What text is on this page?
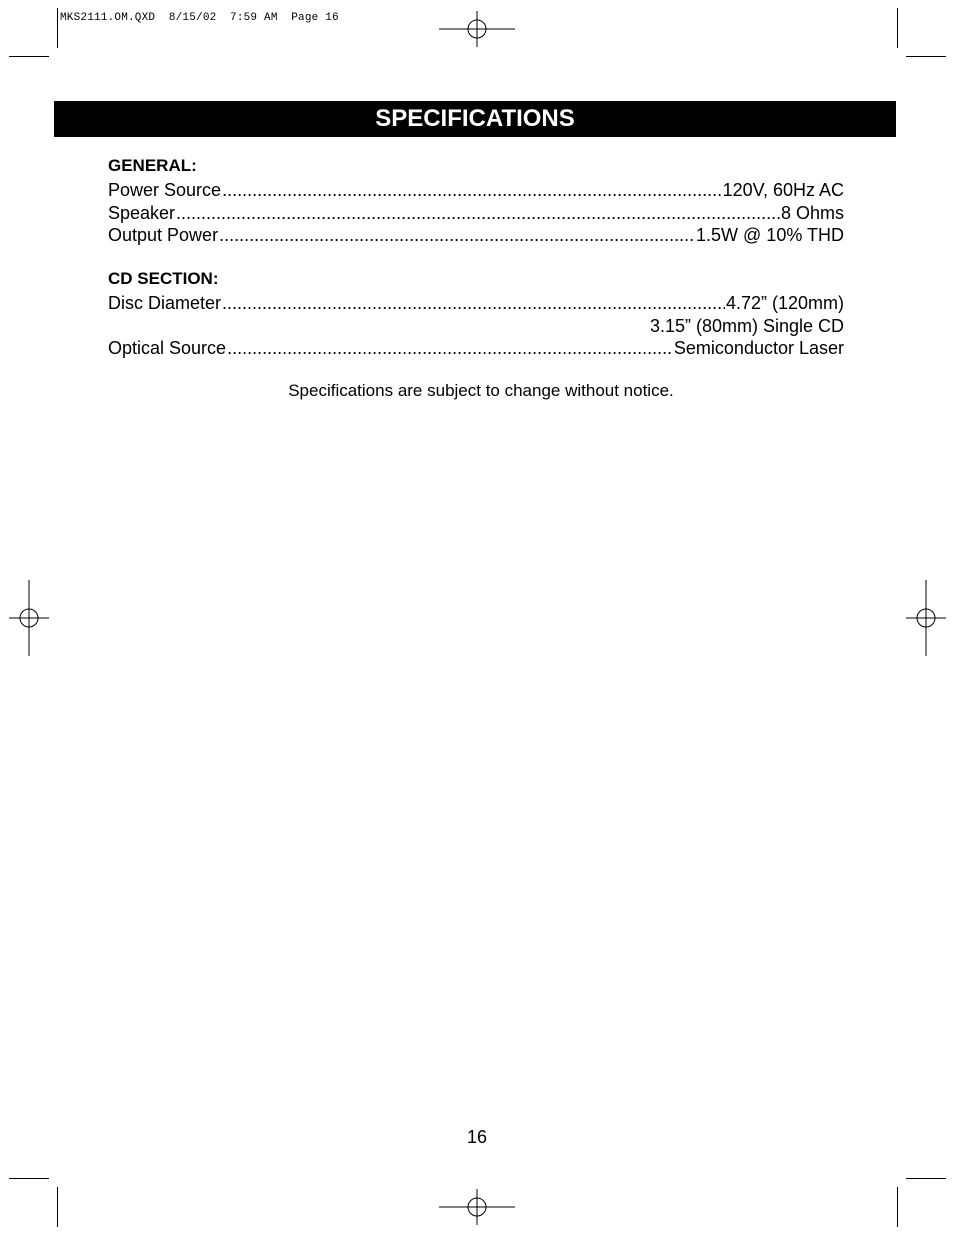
MKS2111.OM.QXD  8/15/02  7:59 AM  Page 16
SPECIFICATIONS
GENERAL:
Power Source .....	120V, 60Hz AC
Speaker .....	8 Ohms
Output Power .....	1.5W @ 10% THD
CD SECTION:
Disc Diameter .....	4.72” (120mm)
3.15” (80mm) Single CD
Optical Source .....	Semiconductor Laser
Specifications are subject to change without notice.
16
